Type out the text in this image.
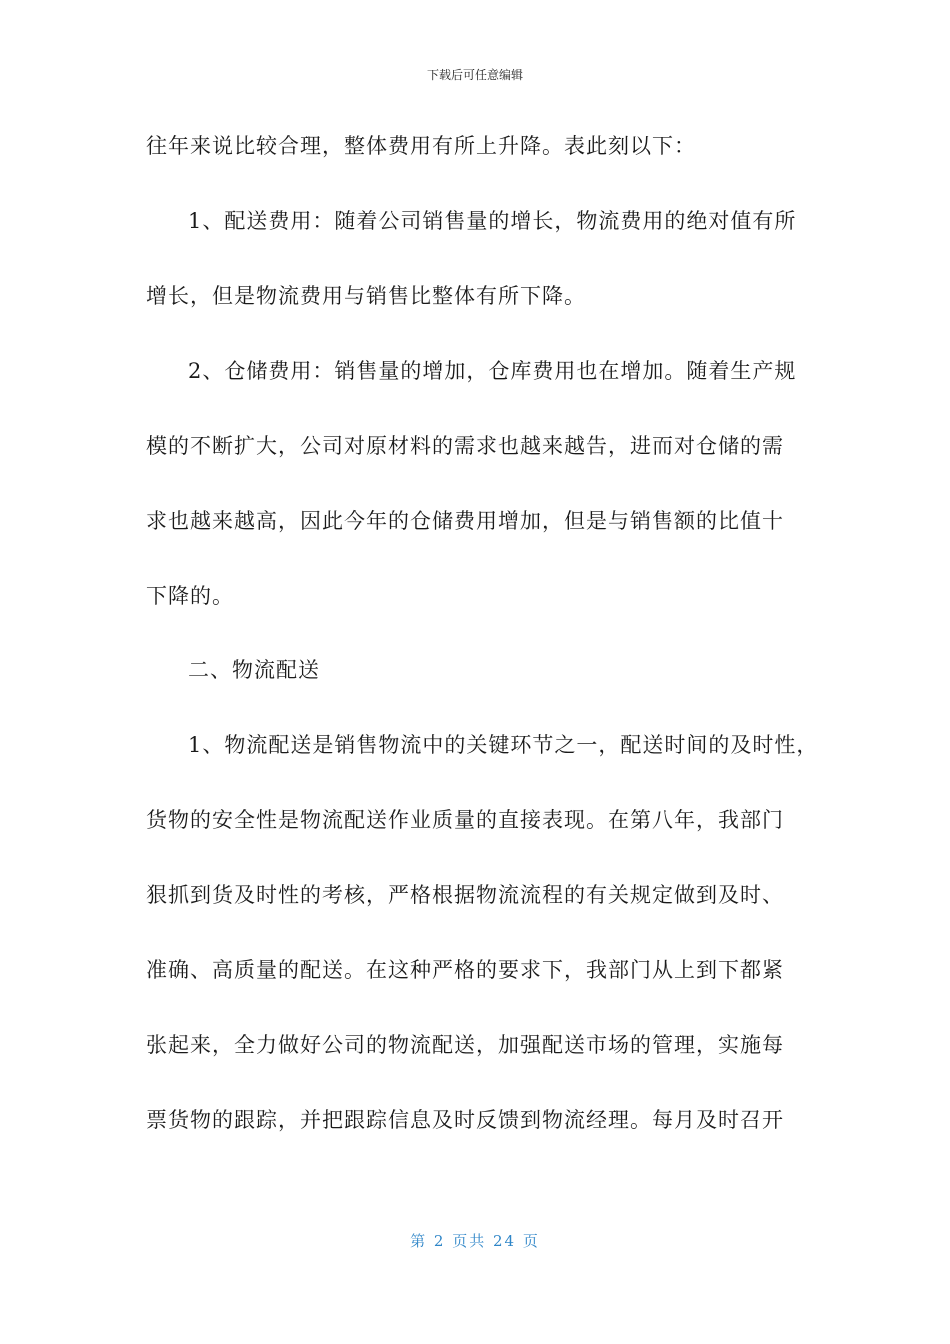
下载后可任意编辑
往年来说比较合理，整体费用有所上升降。表此刻以下：
1、配送费用：随着公司销售量的增长，物流费用的绝对值有所
增长，但是物流费用与销售比整体有所下降。
2、仓储费用：销售量的增加，仓库费用也在增加。随着生产规
模的不断扩大，公司对原材料的需求也越来越告，进而对仓储的需
求也越来越高，因此今年的仓储费用增加，但是与销售额的比值十
下降的。
二、物流配送
1、物流配送是销售物流中的关键环节之一，配送时间的及时性，
货物的安全性是物流配送作业质量的直接表现。在第八年，我部门
狠抓到货及时性的考核，严格根据物流流程的有关规定做到及时、
准确、高质量的配送。在这种严格的要求下，我部门从上到下都紧
张起来，全力做好公司的物流配送，加强配送市场的管理，实施每
票货物的跟踪，并把跟踪信息及时反馈到物流经理。每月及时召开
第 2 页共 24 页
